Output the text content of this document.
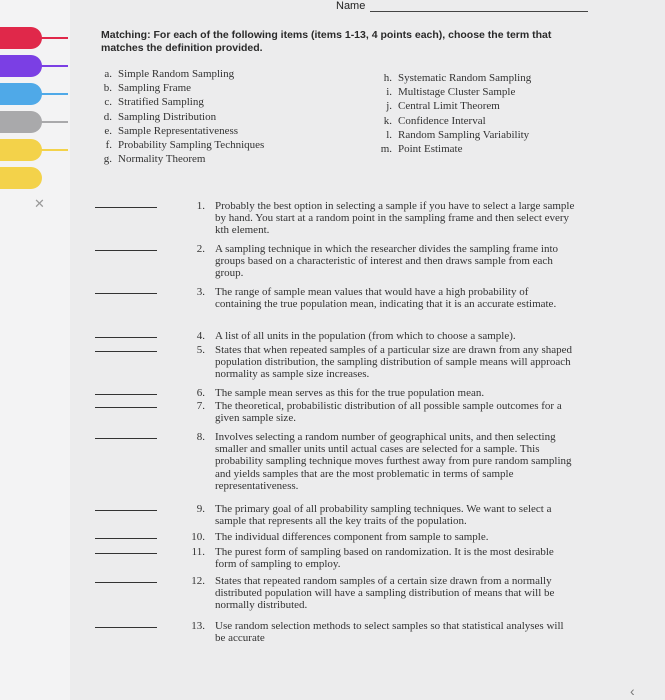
✕
Name
Matching: For each of the following items (items 1-13, 4 points each), choose the term that matches the definition provided.
a. Simple Random Sampling
b. Sampling Frame
c. Stratified Sampling
d. Sampling Distribution
e. Sample Representativeness
f. Probability Sampling Techniques
g. Normality Theorem
h. Systematic Random Sampling
i. Multistage Cluster Sample
j. Central Limit Theorem
k. Confidence Interval
l. Random Sampling Variability
m. Point Estimate
1. Probably the best option in selecting a sample if you have to select a large sample by hand. You start at a random point in the sampling frame and then select every kth element.
2. A sampling technique in which the researcher divides the sampling frame into groups based on a characteristic of interest and then draws sample from each group.
3. The range of sample mean values that would have a high probability of containing the true population mean, indicating that it is an accurate estimate.
4. A list of all units in the population (from which to choose a sample).
5. States that when repeated samples of a particular size are drawn from any shaped population distribution, the sampling distribution of sample means will approach normality as sample size increases.
6. The sample mean serves as this for the true population mean.
7. The theoretical, probabilistic distribution of all possible sample outcomes for a given sample size.
8. Involves selecting a random number of geographical units, and then selecting smaller and smaller units until actual cases are selected for a sample. This probability sampling technique moves furthest away from pure random sampling and yields samples that are the most problematic in terms of sample representativeness.
9. The primary goal of all probability sampling techniques. We want to select a sample that represents all the key traits of the population.
10. The individual differences component from sample to sample.
11. The purest form of sampling based on randomization. It is the most desirable form of sampling to employ.
12. States that repeated random samples of a certain size drawn from a normally distributed population will have a sampling distribution of means that will be normally distributed.
13. Use random selection methods to select samples so that statistical analyses will be accurate
‹
